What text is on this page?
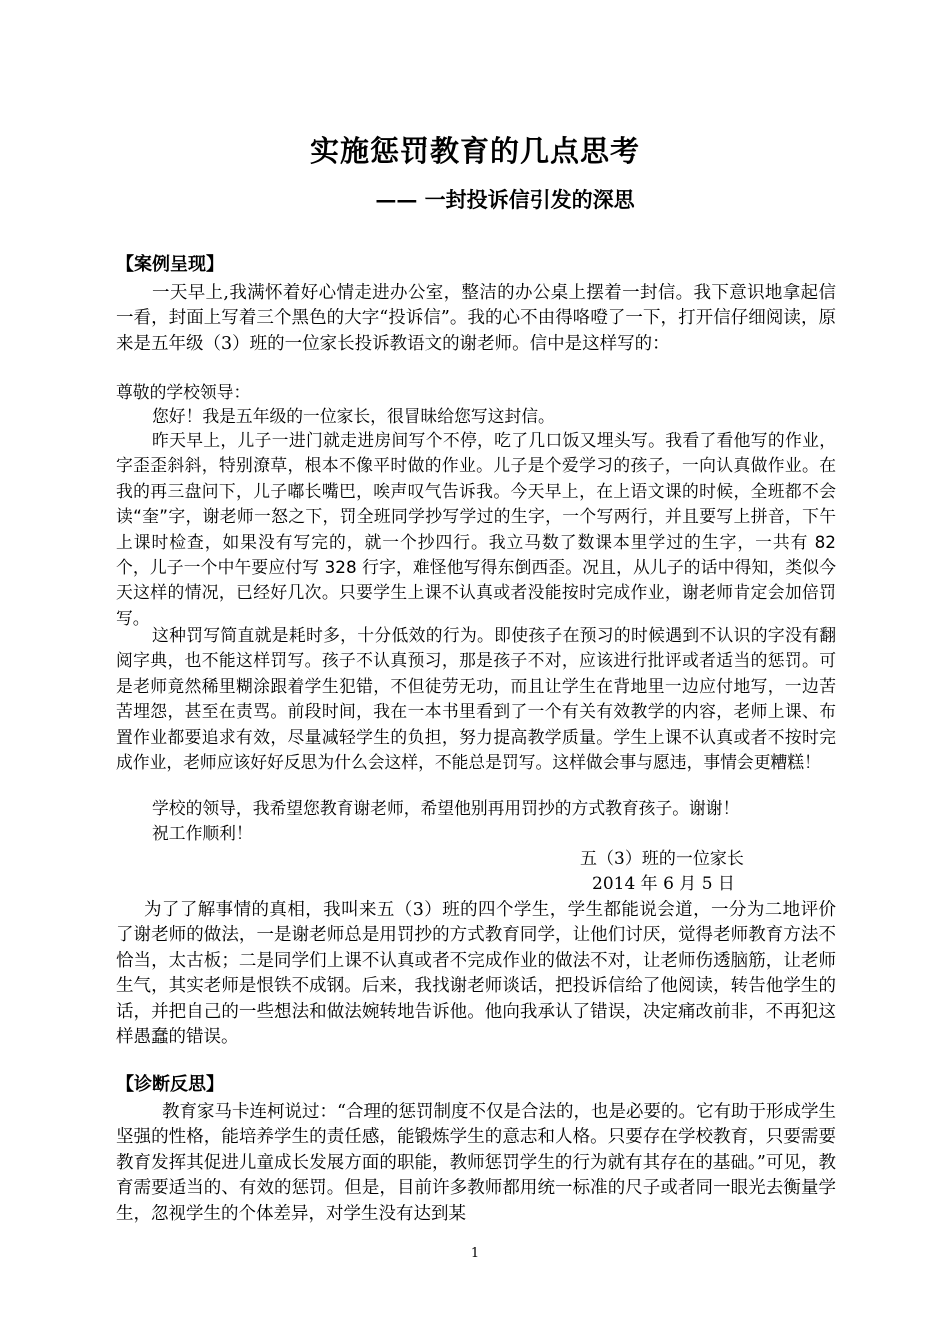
实施惩罚教育的几点思考
—— 一封投诉信引发的深思
【案例呈现】

一天早上,我满怀着好心情走进办公室，整洁的办公桌上摆着一封信。我下意识地拿起信一看，封面上写着三个黑色的大字“投诉信”。我的心不由得咯噔了一下，打开信仔细阅读，原来是五年级（3）班的一位家长投诉教语文的谢老师。信中是这样写的：

尊敬的学校领导：

您好！我是五年级的一位家长，很冒昧给您写这封信。

昨天早上，儿子一进门就走进房间写个不停，吃了几口饭又埋头写。我看了看他写的作业，字歪歪斜斜，特别潦草，根本不像平时做的作业。儿子是个爱学习的孩子，一向认真做作业。在我的再三盘问下，儿子嘟长嘴巴，唉声叹气告诉我。今天早上，在上语文课的时候，全班都不会读“奎”字，谢老师一怒之下，罚全班同学抄写学过的生字，一个写两行，并且要写上拼音，下午上课时检查，如果没有写完的，就一个抄四行。我立马数了数课本里学过的生字，一共有 82 个，儿子一个中午要应付写 328 行字，难怪他写得东倒西歪。况且，从儿子的话中得知，类似今天这样的情况，已经好几次。只要学生上课不认真或者没能按时完成作业，谢老师肯定会加倍罚写。

这种罚写简直就是耗时多，十分低效的行为。即使孩子在预习的时候遇到不认识的字没有翻阅字典，也不能这样罚写。孩子不认真预习，那是孩子不对，应该进行批评或者适当的惩罚。可是老师竟然稀里糊涂跟着学生犯错，不但徒劳无功，而且让学生在背地里一边应付地写，一边苦苦埋怨，甚至在责骂。前段时间，我在一本书里看到了一个有关有效教学的内容，老师上课、布置作业都要追求有效，尽量减轻学生的负担，努力提高教学质量。学生上课不认真或者不按时完成作业，老师应该好好反思为什么会这样，不能总是罚写。这样做会事与愿违，事情会更糟糕！

学校的领导，我希望您教育谢老师，希望他别再用罚抄的方式教育孩子。谢谢！

祝工作顺利！

五（3）班的一位家长
2014 年 6 月 5 日

为了了解事情的真相，我叫来五（3）班的四个学生，学生都能说会道，一分为二地评价了谢老师的做法，一是谢老师总是用罚抄的方式教育同学，让他们讨厌，觉得老师教育方法不恰当，太古板；二是同学们上课不认真或者不完成作业的做法不对，让老师伤透脑筋，让老师生气，其实老师是恨铁不成钢。后来，我找谢老师谈话，把投诉信给了他阅读，转告他学生的话，并把自己的一些想法和做法婉转地告诉他。他向我承认了错误，决定痛改前非，不再犯这样愚蠢的错误。

【诊断反思】

教育家马卡连柯说过：“合理的惩罚制度不仅是合法的，也是必要的。它有助于形成学生坚强的性格，能培养学生的责任感，能锻炼学生的意志和人格。只要存在学校教育，只要需要教育发挥其促进儿童成长发展方面的职能，教师惩罚学生的行为就有其存在的基础。”可见，教育需要适当的、有效的惩罚。但是，目前许多教师都用统一标准的尺子或者同一眼光去衡量学生，忽视学生的个体差异，对学生没有达到某

1
